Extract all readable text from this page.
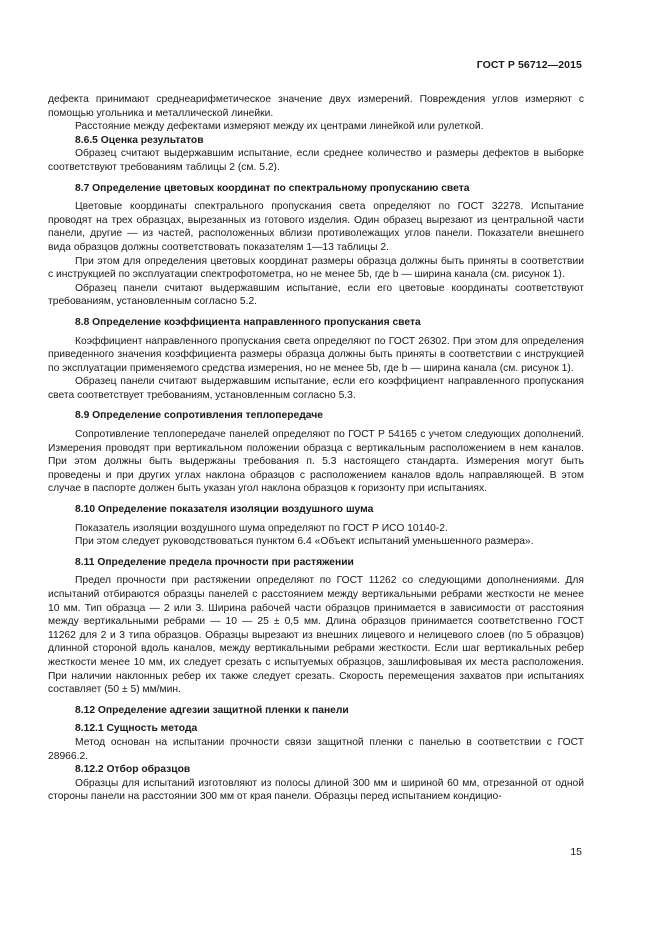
ГОСТ Р 56712—2015

дефекта принимают среднеарифметическое значение двух измерений. Повреждения углов измеряют с помощью угольника и металлической линейки.

Расстояние между дефектами измеряют между их центрами линейкой или рулеткой.

8.6.5 Оценка результатов

Образец считают выдержавшим испытание, если среднее количество и размеры дефектов в выборке соответствуют требованиям таблицы 2 (см. 5.2).

8.7 Определение цветовых координат по спектральному пропусканию света

Цветовые координаты спектрального пропускания света определяют по ГОСТ 32278. Испытание проводят на трех образцах, вырезанных из готового изделия. Один образец вырезают из центральной части панели, другие — из частей, расположенных вблизи противолежащих углов панели. Показатели внешнего вида образцов должны соответствовать показателям 1—13 таблицы 2.

При этом для определения цветовых координат размеры образца должны быть приняты в соответствии с инструкцией по эксплуатации спектрофотометра, но не менее 5b, где b — ширина канала (см. рисунок 1).

Образец панели считают выдержавшим испытание, если его цветовые координаты соответствуют требованиям, установленным согласно 5.2.

8.8 Определение коэффициента направленного пропускания света

Коэффициент направленного пропускания света определяют по ГОСТ 26302. При этом для определения приведенного значения коэффициента размеры образца должны быть приняты в соответствии с инструкцией по эксплуатации применяемого средства измерения, но не менее 5b, где b — ширина канала (см. рисунок 1).

Образец панели считают выдержавшим испытание, если его коэффициент направленного пропускания света соответствует требованиям, установленным согласно 5.3.

8.9 Определение сопротивления теплопередаче

Сопротивление теплопередаче панелей определяют по ГОСТ Р 54165 с учетом следующих дополнений. Измерения проводят при вертикальном положении образца с вертикальным расположением в нем каналов. При этом должны быть выдержаны требования п. 5.3 настоящего стандарта. Измерения могут быть проведены и при других углах наклона образцов с расположением каналов вдоль направляющей. В этом случае в паспорте должен быть указан угол наклона образцов к горизонту при испытаниях.

8.10 Определение показателя изоляции воздушного шума

Показатель изоляции воздушного шума определяют по ГОСТ Р ИСО 10140-2.

При этом следует руководствоваться пунктом 6.4 «Объект испытаний уменьшенного размера».

8.11 Определение предела прочности при растяжении

Предел прочности при растяжении определяют по ГОСТ 11262 со следующими дополнениями. Для испытаний отбираются образцы панелей с расстоянием между вертикальными ребрами жесткости не менее 10 мм. Тип образца — 2 или 3. Ширина рабочей части образцов принимается в зависимости от расстояния между вертикальными ребрами — 10 — 25 ± 0,5 мм. Длина образцов принимается соответственно ГОСТ 11262 для 2 и 3 типа образцов. Образцы вырезают из внешних лицевого и нелицевого слоев (по 5 образцов) длинной стороной вдоль каналов, между вертикальными ребрами жесткости. Если шаг вертикальных ребер жесткости менее 10 мм, их следует срезать с испытуемых образцов, зашлифовывая их места расположения. При наличии наклонных ребер их также следует срезать. Скорость перемещения захватов при испытаниях составляет (50 ± 5) мм/мин.

8.12 Определение адгезии защитной пленки к панели

8.12.1 Сущность метода

Метод основан на испытании прочности связи защитной пленки с панелью в соответствии с ГОСТ 28966.2.

8.12.2 Отбор образцов

Образцы для испытаний изготовляют из полосы длиной 300 мм и шириной 60 мм, отрезанной от одной стороны панели на расстоянии 300 мм от края панели. Образцы перед испытанием кондицио-

15
